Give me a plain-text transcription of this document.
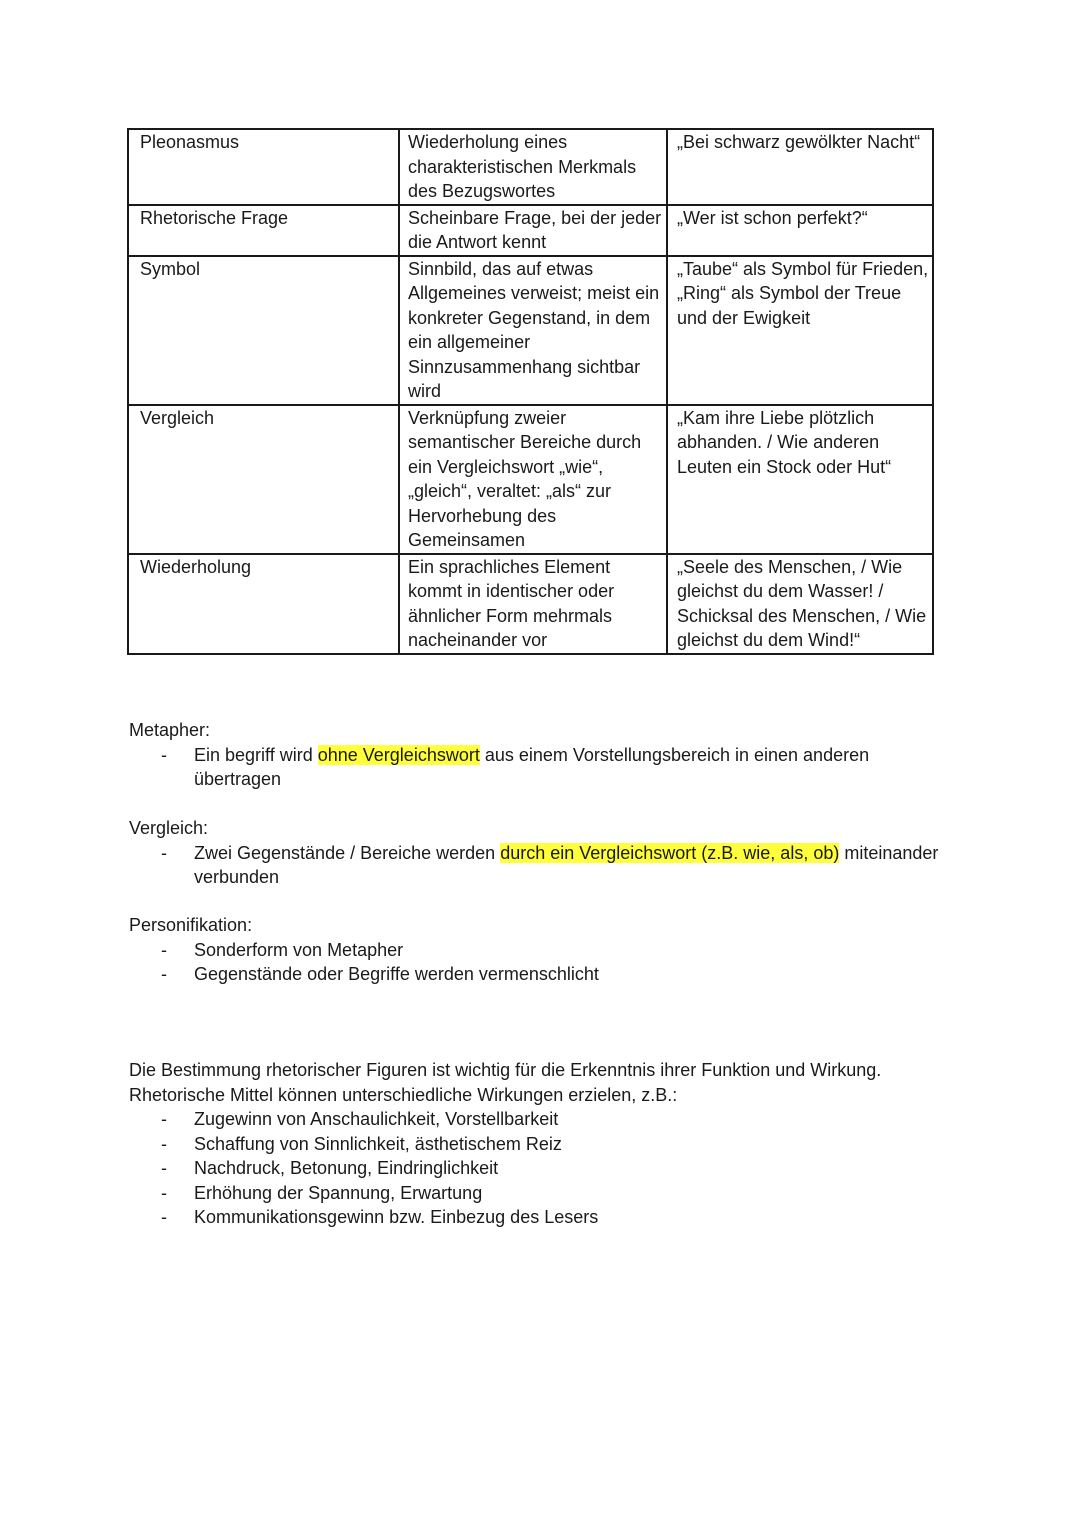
Pleonasmus	Wiederholung eines charakteristischen Merkmals des Bezugswortes	„Bei schwarz gewölkter Nacht“
Rhetorische Frage	Scheinbare Frage, bei der jeder die Antwort kennt	„Wer ist schon perfekt?“
Symbol	Sinnbild, das auf etwas Allgemeines verweist; meist ein konkreter Gegenstand, in dem ein allgemeiner Sinnzusammenhang sichtbar wird	„Taube“ als Symbol für Frieden, „Ring“ als Symbol der Treue und der Ewigkeit
Vergleich	Verknüpfung zweier semantischer Bereiche durch ein Vergleichswort „wie“, „gleich“, veraltet: „als“ zur Hervorhebung des Gemeinsamen	„Kam ihre Liebe plötzlich abhanden. / Wie anderen Leuten ein Stock oder Hut“
Wiederholung	Ein sprachliches Element kommt in identischer oder ähnlicher Form mehrmals nacheinander vor	„Seele des Menschen, / Wie gleichst du dem Wasser! / Schicksal des Menschen, / Wie gleichst du dem Wind!“

Metapher:

- Ein begriff wird ohne Vergleichswort aus einem Vorstellungsbereich in einen anderen übertragen

Vergleich:

- Zwei Gegenstände / Bereiche werden durch ein Vergleichswort (z.B. wie, als, ob) miteinander verbunden

Personifikation:

- Sonderform von Metapher
- Gegenstände oder Begriffe werden vermenschlicht

Die Bestimmung rhetorischer Figuren ist wichtig für die Erkenntnis ihrer Funktion und Wirkung.

Rhetorische Mittel können unterschiedliche Wirkungen erzielen, z.B.:

- Zugewinn von Anschaulichkeit, Vorstellbarkeit
- Schaffung von Sinnlichkeit, ästhetischem Reiz
- Nachdruck, Betonung, Eindringlichkeit
- Erhöhung der Spannung, Erwartung
- Kommunikationsgewinn bzw. Einbezug des Lesers
